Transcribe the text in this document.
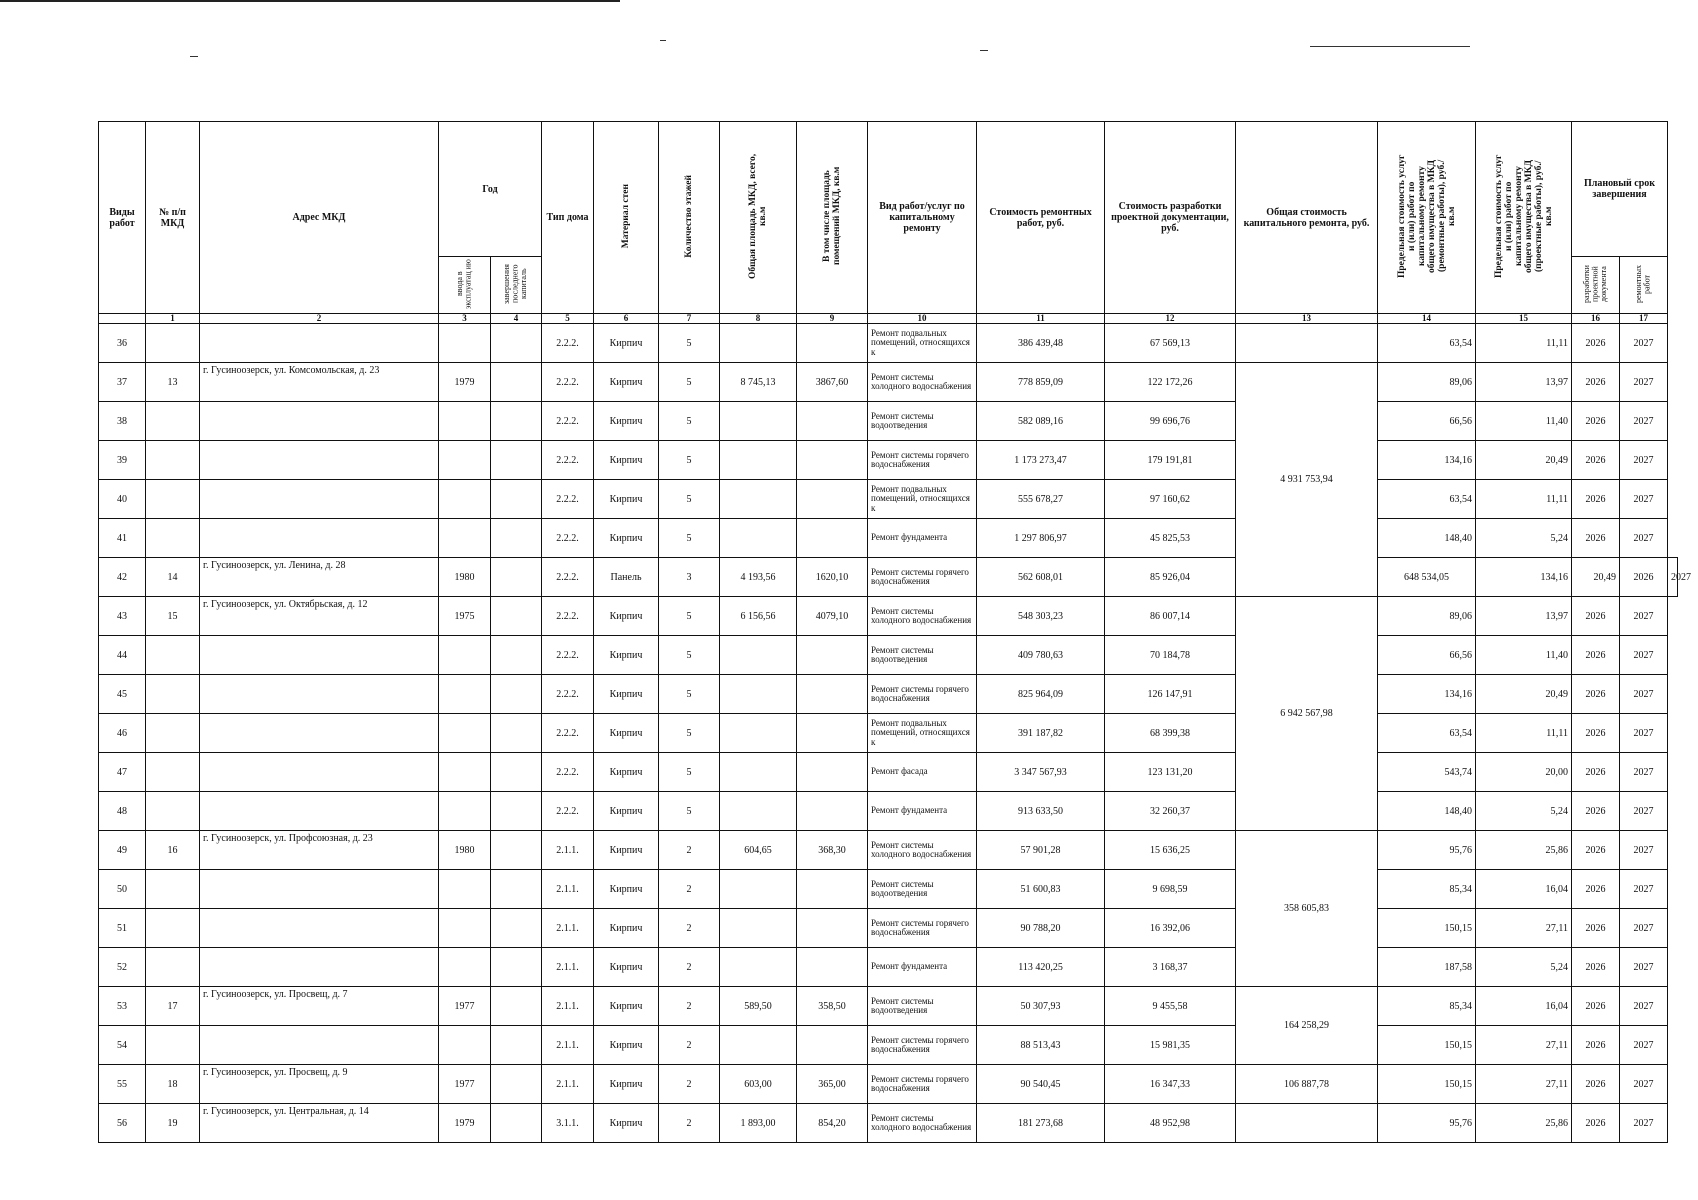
Виды работ	№ п/п МКД	Адрес МКД	Год		Тип дома	Материал стен	Количество этажей	Общая площадь МКД, всего, кв.м	В том числе площадь помещений МКД, кв.м	Вид работ/услуг по капитальному ремонту	Стоимость ремонтных работ, руб.	Стоимость разработки проектной документации, руб.	Общая стоимость капитального ремонта, руб.	Предельная стоимость услуг и (или) работ по капитальному ремонту общего имущества в МКД (ремонтные работы), руб./кв.м	Предельная стоимость услуг и (или) работ по капитальному ремонту общего имущества в МКД (проектные работы), руб./кв.м	Плановый срок завершения		
			ввода в эксплуатац ию	завершения последнего капиталь												разработки проектной документа	ремонтных работ	
	1	2	3	4	5	6	7	8	9	10	11	12	13	14	15	16	17	
36					2.2.2.	Кирпич	5			Ремонт подвальных помещений, относящихся к	386 439,48	67 569,13		63,54	11,11	2026	2027	
37	13	г. Гусиноозерск, ул. Комсомольская, д. 23	1979		2.2.2.	Кирпич	5	8 745,13	3867,60	Ремонт системы холодного водоснабжения	778 859,09	122 172,26	4 931 753,94	89,06	13,97	2026	2027	
38					2.2.2.	Кирпич	5			Ремонт системы водоотведения	582 089,16	99 696,76		66,56	11,40	2026	2027	
39					2.2.2.	Кирпич	5			Ремонт системы горячего водоснабжения	1 173 273,47	179 191,81		134,16	20,49	2026	2027	
40					2.2.2.	Кирпич	5			Ремонт подвальных помещений, относящихся к	555 678,27	97 160,62		63,54	11,11	2026	2027	
41					2.2.2.	Кирпич	5			Ремонт фундамента	1 297 806,97	45 825,53		148,40	5,24	2026	2027	
42	14	г. Гусиноозерск, ул. Ленина, д. 28	1980		2.2.2.	Панель	3	4 193,56	1620,10	Ремонт системы горячего водоснабжения	562 608,01	85 926,04		648 534,05	134,16	20,49	2026	2027
43	15	г. Гусиноозерск, ул. Октябрьская, д. 12	1975		2.2.2.	Кирпич	5	6 156,56	4079,10	Ремонт системы холодного водоснабжения	548 303,23	86 007,14	6 942 567,98	89,06	13,97	2026	2027	
44					2.2.2.	Кирпич	5			Ремонт системы водоотведения	409 780,63	70 184,78		66,56	11,40	2026	2027	
45					2.2.2.	Кирпич	5			Ремонт системы горячего водоснабжения	825 964,09	126 147,91		134,16	20,49	2026	2027	
46					2.2.2.	Кирпич	5			Ремонт подвальных помещений, относящихся к	391 187,82	68 399,38		63,54	11,11	2026	2027	
47					2.2.2.	Кирпич	5			Ремонт фасада	3 347 567,93	123 131,20		543,74	20,00	2026	2027	
48					2.2.2.	Кирпич	5			Ремонт фундамента	913 633,50	32 260,37		148,40	5,24	2026	2027	
49	16	г. Гусиноозерск, ул. Профсоюзная, д. 23	1980		2.1.1.	Кирпич	2	604,65	368,30	Ремонт системы холодного водоснабжения	57 901,28	15 636,25	358 605,83	95,76	25,86	2026	2027	
50					2.1.1.	Кирпич	2			Ремонт системы водоотведения	51 600,83	9 698,59		85,34	16,04	2026	2027	
51					2.1.1.	Кирпич	2			Ремонт системы горячего водоснабжения	90 788,20	16 392,06		150,15	27,11	2026	2027	
52					2.1.1.	Кирпич	2			Ремонт фундамента	113 420,25	3 168,37		187,58	5,24	2026	2027	
53	17	г. Гусиноозерск, ул. Просвещ, д. 7	1977		2.1.1.	Кирпич	2	589,50	358,50	Ремонт системы водоотведения	50 307,93	9 455,58	164 258,29	85,34	16,04	2026	2027	
54					2.1.1.	Кирпич	2			Ремонт системы горячего водоснабжения	88 513,43	15 981,35		150,15	27,11	2026	2027	
55	18	г. Гусиноозерск, ул. Просвещ, д. 9	1977		2.1.1.	Кирпич	2	603,00	365,00	Ремонт системы горячего водоснабжения	90 540,45	16 347,33	106 887,78	150,15	27,11	2026	2027	
56	19	г. Гусиноозерск, ул. Центральная, д. 14	1979		3.1.1.	Кирпич	2	1 893,00	854,20	Ремонт системы холодного водоснабжения	181 273,68	48 952,98		95,76	25,86	2026	2027	
